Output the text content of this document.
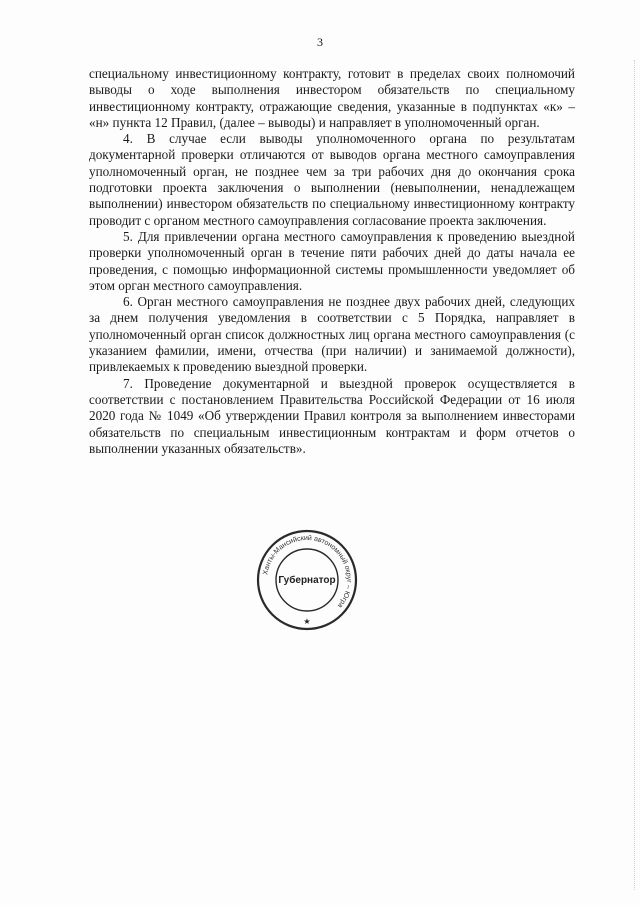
3

специальному инвестиционному контракту, готовит в пределах своих полномочий выводы о ходе выполнения инвестором обязательств по специальному инвестиционному контракту, отражающие сведения, указанные в подпунктах «к» – «н» пункта 12 Правил, (далее – выводы) и направляет в уполномоченный орган.

4. В случае если выводы уполномоченного органа по результатам документарной проверки отличаются от выводов органа местного самоуправления уполномоченный орган, не позднее чем за три рабочих дня до окончания срока подготовки проекта заключения о выполнении (невыполнении, ненадлежащем выполнении) инвестором обязательств по специальному инвестиционному контракту проводит с органом местного самоуправления согласование проекта заключения.

5. Для привлечении органа местного самоуправления к проведению выездной проверки уполномоченный орган в течение пяти рабочих дней до даты начала ее проведения, с помощью информационной системы промышленности уведомляет об этом орган местного самоуправления.

6. Орган местного самоуправления не позднее двух рабочих дней, следующих за днем получения уведомления в соответствии с 5 Порядка, направляет в уполномоченный орган список должностных лиц органа местного самоуправления (с указанием фамилии, имени, отчества (при наличии) и занимаемой должности), привлекаемых к проведению выездной проверки.

7. Проведение документарной и выездной проверок осуществляется в соответствии с постановлением Правительства Российской Федерации от 16 июля 2020 года № 1049 «Об утверждении Правил контроля за выполнением инвесторами обязательств по специальным инвестиционным контрактам и форм отчетов о выполнении указанных обязательств».

Ханты-Мансийский автономный округ – Югра
Губернатор
★
